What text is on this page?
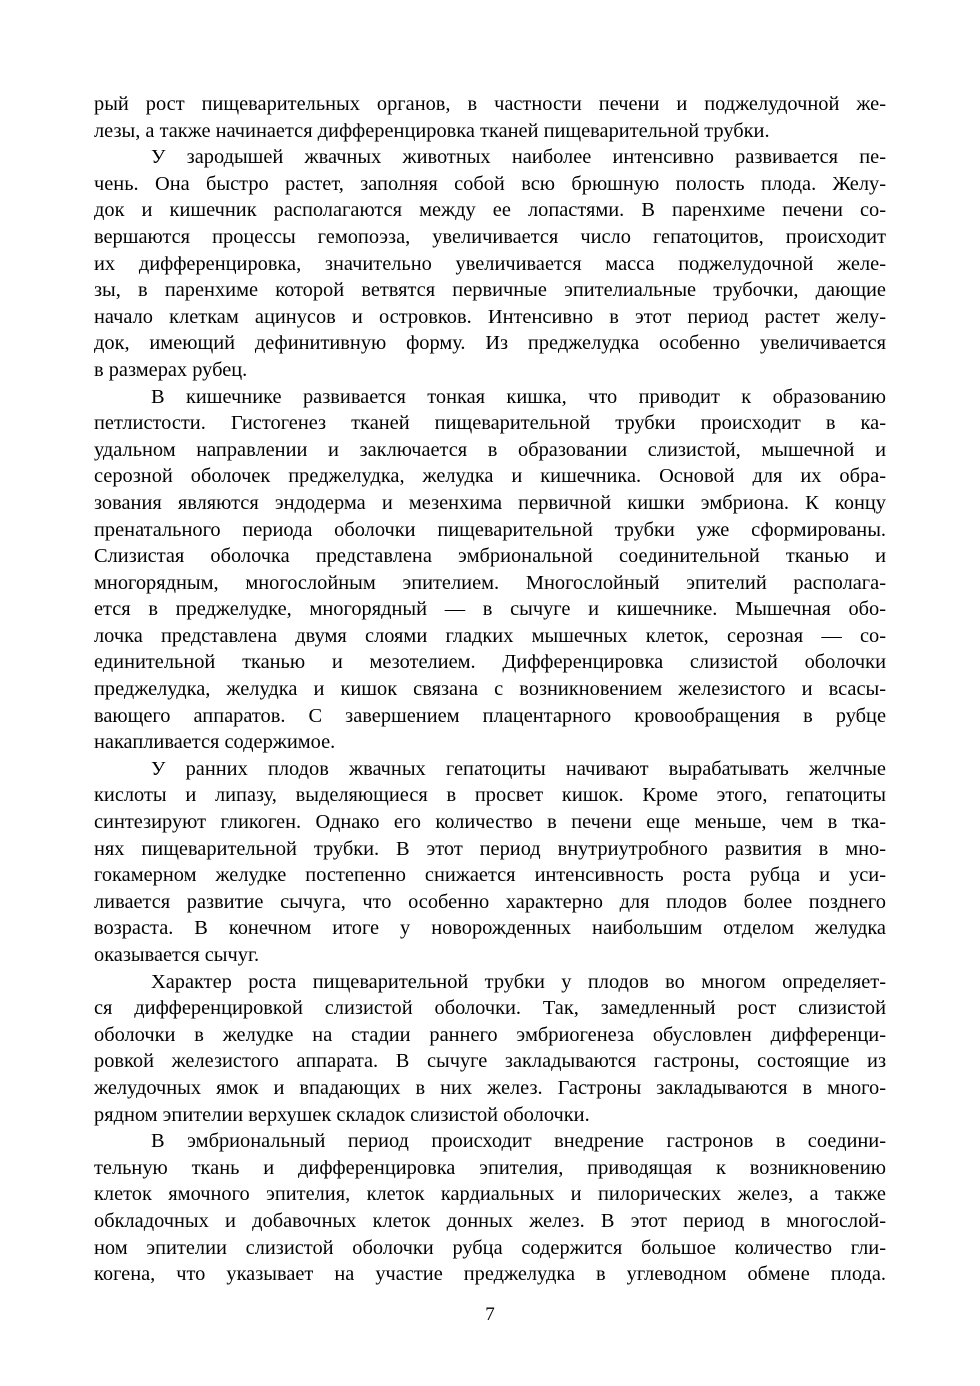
рый рост пищеварительных органов, в частности печени и поджелудочной же-
лезы, а также начинается дифференцировка тканей пищеварительной трубки.
У зародышей жвачных животных наиболее интенсивно развивается пе-
чень. Она быстро растет, заполняя собой всю брюшную полость плода. Желу-
док и кишечник располагаются между ее лопастями. В паренхиме печени со-
вершаются процессы гемопоэза, увеличивается число гепатоцитов, происходит
их дифференцировка, значительно увеличивается масса поджелудочной желе-
зы, в паренхиме которой ветвятся первичные эпителиальные трубочки, дающие
начало клеткам ацинусов и островков. Интенсивно в этот период растет желу-
док, имеющий дефинитивную форму. Из преджелудка особенно увеличивается
в размерах рубец.
В кишечнике развивается тонкая кишка, что приводит к образованию
петлистости. Гистогенез тканей пищеварительной трубки происходит в ка-
удальном направлении и заключается в образовании слизистой, мышечной и
серозной оболочек преджелудка, желудка и кишечника. Основой для их обра-
зования являются эндодерма и мезенхима первичной кишки эмбриона. К концу
пренатального периода оболочки пищеварительной трубки уже сформированы.
Слизистая оболочка представлена эмбриональной соединительной тканью и
многорядным, многослойным эпителием. Многослойный эпителий располага-
ется в преджелудке, многорядный — в сычуге и кишечнике. Мышечная обо-
лочка представлена двумя слоями гладких мышечных клеток, серозная — со-
единительной тканью и мезотелием. Дифференцировка слизистой оболочки
преджелудка, желудка и кишок связана с возникновением железистого и всасы-
вающего аппаратов. С завершением плацентарного кровообращения в рубце
накапливается содержимое.
У ранних плодов жвачных гепатоциты начивают вырабатывать желчные
кислоты и липазу, выделяющиеся в просвет кишок. Кроме этого, гепатоциты
синтезируют гликоген. Однако его количество в печени еще меньше, чем в тка-
нях пищеварительной трубки. В этот период внутриутробного развития в мно-
гокамерном желудке постепенно снижается интенсивность роста рубца и уси-
ливается развитие сычуга, что особенно характерно для плодов более позднего
возраста. В конечном итоге у новорожденных наибольшим отделом желудка
оказывается сычуг.
Характер роста пищеварительной трубки у плодов во многом определяет-
ся дифференцировкой слизистой оболочки. Так, замедленный рост слизистой
оболочки в желудке на стадии раннего эмбриогенеза обусловлен дифференци-
ровкой железистого аппарата. В сычуге закладываются гастроны, состоящие из
желудочных ямок и впадающих в них желез. Гастроны закладываются в много-
рядном эпителии верхушек складок слизистой оболочки.
В эмбриональный период происходит внедрение гастронов в соедини-
тельную ткань и дифференцировка эпителия, приводящая к возникновению
клеток ямочного эпителия, клеток кардиальных и пилорических желез, а также
обкладочных и добавочных клеток донных желез. В этот период в многослой-
ном эпителии слизистой оболочки рубца содержится большое количество гли-
когена, что указывает на участие преджелудка в углеводном обмене плода.
7
